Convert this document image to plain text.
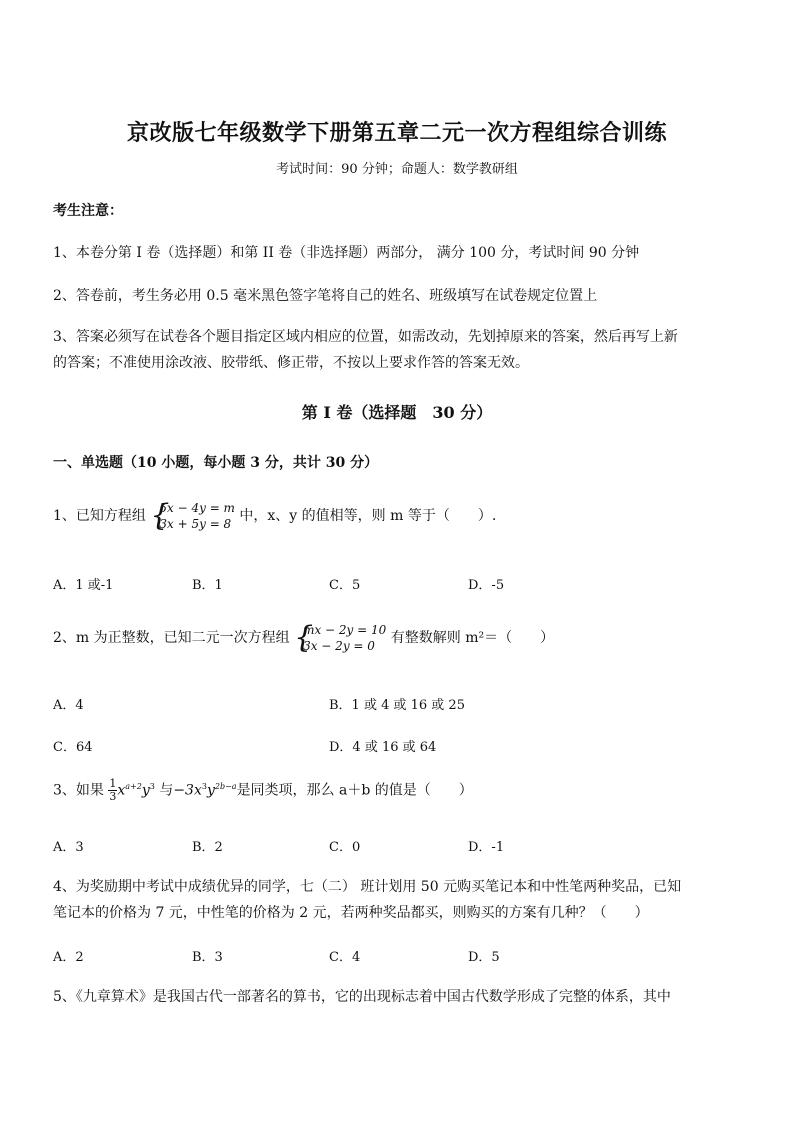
京改版七年级数学下册第五章二元一次方程组综合训练
考试时间：90 分钟；命题人：数学教研组
考生注意：
1、本卷分第 I 卷（选择题）和第 II 卷（非选择题）两部分， 满分 100 分，考试时间 90 分钟
2、答卷前，考生务必用 0.5 毫米黑色签字笔将自己的姓名、班级填写在试卷规定位置上
3、答案必须写在试卷各个题目指定区域内相应的位置，如需改动，先划掉原来的答案，然后再写上新
的答案；不准使用涂改液、胶带纸、修正带，不按以上要求作答的答案无效。
第 I 卷（选择题　30 分）
一、单选题（10 小题，每小题 3 分，共计 30 分）
1、已知方程组 {
5x − 4y = m
3x + 5y = 8 中，x、y 的值相等，则 m 等于（　　）.
A．1 或-1	B．1	C．5	D．-5
2、m 为正整数，已知二元一次方程组 {
mx − 2y = 10
3x − 2y = 0	有整数解则 m²＝（　　）
A．4	B．1 或 4 或 16 或 25
C．64	D．4 或 16 或 64
3、如果 $\frac{1}{3} x^{a+2}y^3$ 与$-3x^3y^{2b-a}$是同类项，那么 a＋b 的值是（　　）
A．3	B．2	C．0	D．-1
4、为奖励期中考试中成绩优异的同学，七（二） 班计划用 50 元购买笔记本和中性笔两种奖品，已知
笔记本的价格为 7 元，中性笔的价格为 2 元，若两种奖品都买，则购买的方案有几种？（　　）
A．2	B．3	C．4	D．5
5、《九章算术》是我国古代一部著名的算书，它的出现标志着中国古代数学形成了完整的体系，其中
